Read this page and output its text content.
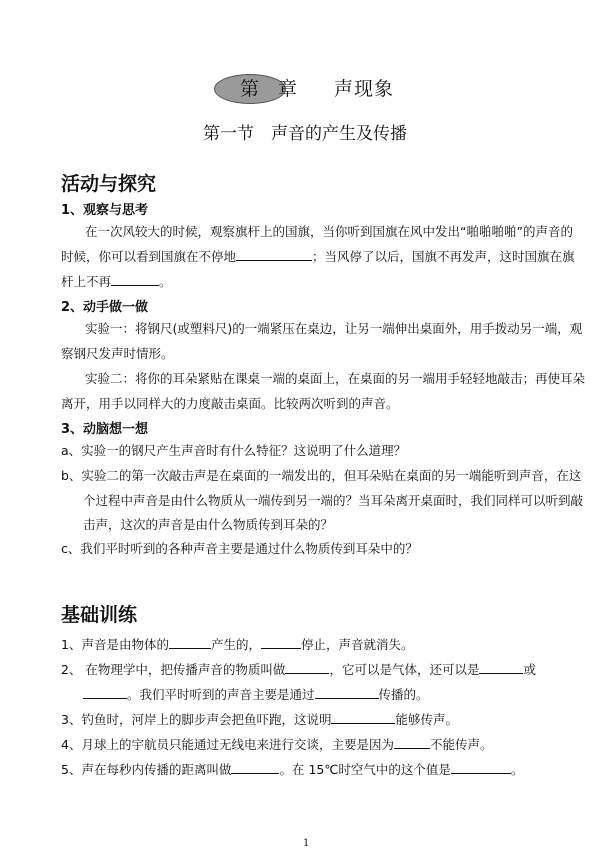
第 章 声现象
第一节　声音的产生及传播
活动与探究
1、观察与思考
在一次风较大的时候，观察旗杆上的国旗，当你听到国旗在风中发出“啪啪啪啪”的声音的
时候，你可以看到国旗在不停地	；当风停了以后，国旗不再发声，这时国旗在旗
杆上不再	。
2、动手做一做
实验一：将钢尺(或塑料尺)的一端紧压在桌边，让另一端伸出桌面外，用手拨动另一端，观
察钢尺发声时情形。
实验二：将你的耳朵紧贴在课桌一端的桌面上，在桌面的另一端用手轻轻地敲击；再使耳朵
离开，用手以同样大的力度敲击桌面。比较两次听到的声音。
3、动脑想一想
a、实验一的钢尺产生声音时有什么特征？这说明了什么道理？
b、实验二的第一次敲击声是在桌面的一端发出的，但耳朵贴在桌面的另一端能听到声音，在这
个过程中声音是由什么物质从一端传到另一端的？当耳朵离开桌面时，我们同样可以听到敲
击声，这次的声音是由什么物质传到耳朵的？
c、我们平时听到的各种声音主要是通过什么物质传到耳朵中的？
基础训练
1、声音是由物体的	产生的，	停止，声音就消失。
2、 在物理学中，把传播声音的物质叫做	，它可以是气体，还可以是	或
。我们平时听到的声音主要是通过	传播的。
3、钓鱼时，河岸上的脚步声会把鱼吓跑，这说明	能够传声。
4、月球上的宇航员只能通过无线电来进行交谈，主要是因为	不能传声。
5、声在每秒内传播的距离叫做	。在 15℃时空气中的这个值是	。
1
